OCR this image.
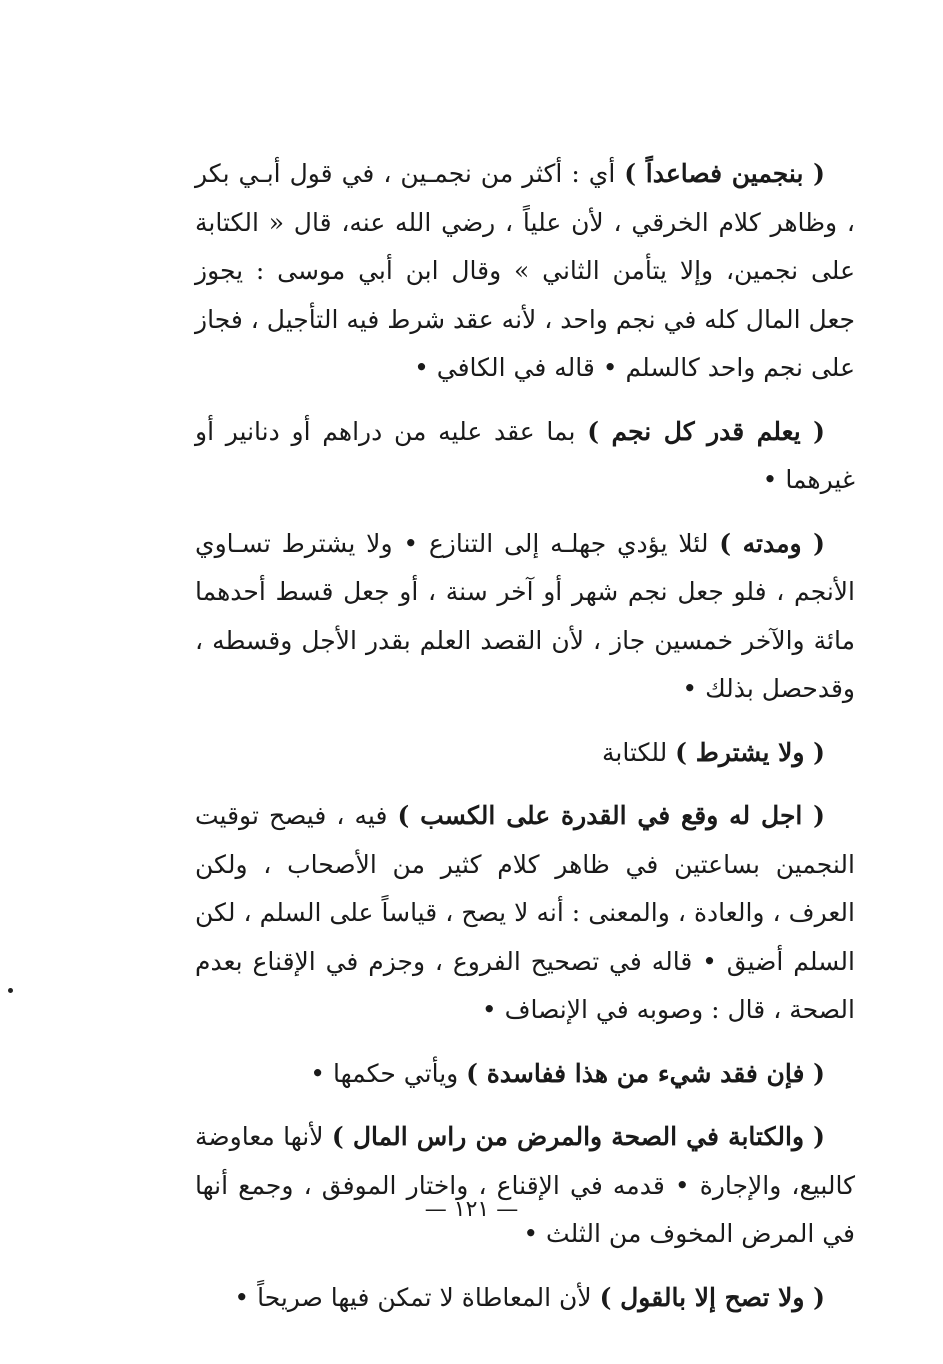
( بنجمين فصاعداً ) أي : أكثر من نجمـين ، في قول أبـي بكر ، وظاهر كلام الخرقي ، لأن علياً ، رضي الله عنه، قال « الكتابة على نجمين، وإلا يتأمن الثاني » وقال ابن أبي موسى : يجوز جعل المال كله في نجم واحد ، لأنه عقد شرط فيه التأجيل ، فجاز على نجم واحد كالسلم • قاله في الكافي •

( يعلم قدر كل نجم ) بما عقد عليه من دراهم أو دنانير أو غيرهما •

( ومدته ) لئلا يؤدي جهلـه إلى التنازع • ولا يشترط تسـاوي الأنجم ، فلو جعل نجم شهر أو آخر سنة ، أو جعل قسط أحدهما مائة والآخر خمسين جاز ، لأن القصد العلم بقدر الأجل وقسطه ، وقدحصل بذلك •

( ولا يشترط ) للكتابة

( اجل له وقع في القدرة على الكسب ) فيه ، فيصح توقيت النجمين بساعتين في ظاهر كلام كثير من الأصحاب ، ولكن العرف ، والعادة ، والمعنى : أنه لا يصح ، قياساً على السلم ، لكن السلم أضيق • قاله في تصحيح الفروع ، وجزم في الإقناع بعدم الصحة ، قال : وصوبه في الإنصاف •

( فإن فقد شيء من هذا ففاسدة ) ويأتي حكمها •

( والكتابة في الصحة والمرض من راس المال ) لأنها معاوضة كالبيع، والإجارة • قدمه في الإقناع ، واختار الموفق ، وجمع أنها في المرض المخوف من الثلث •

( ولا تصح إلا بالقول ) لأن المعاطاة لا تمكن فيها صريحاً •

— ١٢١ —
